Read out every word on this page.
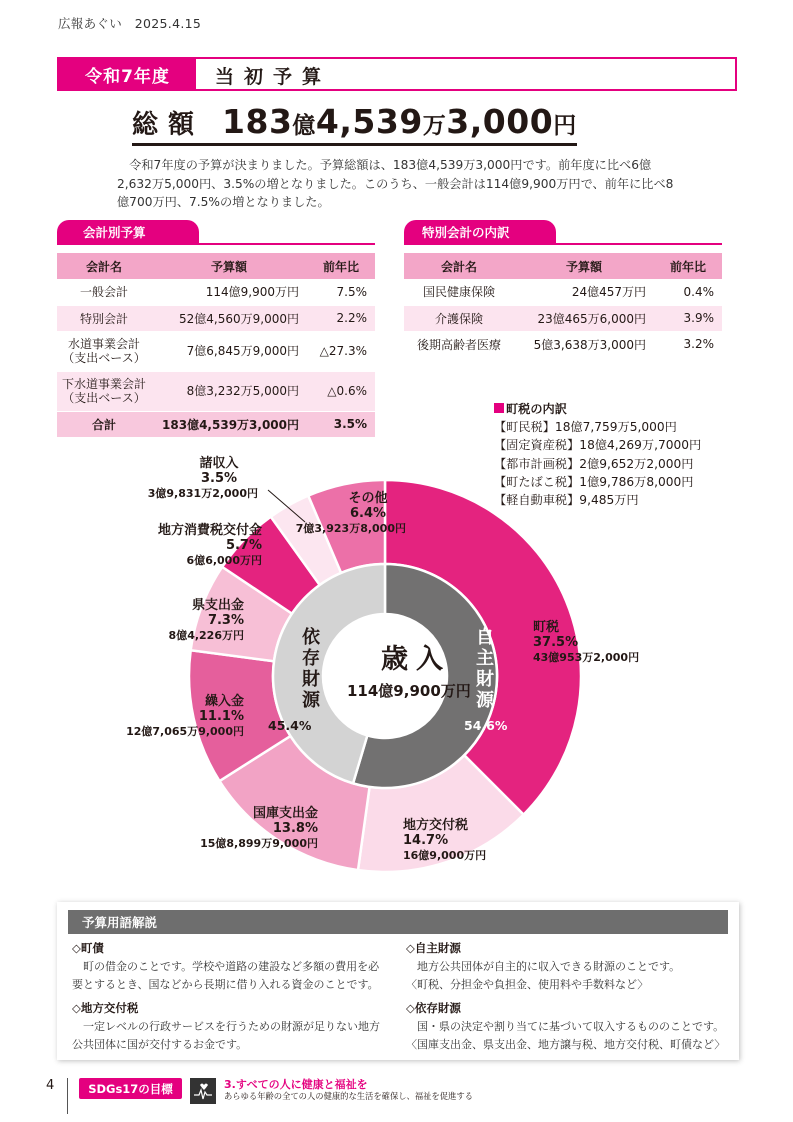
広報あぐい　2025.4.15
令和7年度	当初予算
総額 183億4,539万3,000円

令和7年度の予算が決まりました。予算総額は、183億4,539万3,000円です。前年度に比べ6億2,632万5,000円、3.5%の増となりました。このうち、一般会計は114億9,900万円で、前年に比べ8億700万円、7.5%の増となりました。

会計別予算
会計名	予算額	前年比
一般会計	114億9,900万円	7.5%
特別会計	52億4,560万9,000円	2.2%
水道事業会計
（支出ベース）	7億6,845万9,000円	△27.3%
下水道事業会計
（支出ベース）	8億3,232万5,000円	△0.6%
合計	183億4,539万3,000円	3.5%
特別会計の内訳
会計名	予算額	前年比
国民健康保険	24億457万円	0.4%
介護保険	23億465万6,000円	3.9%
後期高齢者医療	5億3,638万3,000円	3.2%
町税の内訳
【町民税】18億7,759万5,000円
【固定資産税】18億4,269万,7000円
【都市計画税】2億9,652万2,000円
【町たばこ税】1億9,786万8,000円
【軽自動車税】9,485万円
歳入
114億9,900万円
自主財源
54.6%
依存財源
45.4%
町税
37.5%
43億953万2,000円
地方交付税
14.7%
16億9,000万円
国庫支出金
13.8%
15億8,899万9,000円
繰入金
11.1%
12億7,065万9,000円
県支出金
7.3%
8億4,226万円
地方消費税交付金
5.7%
6億6,000万円
諸収入
3.5%
3億9,831万2,000円	その他
6.4%
7億3,923万8,000円
予算用語解説
◇町債

町の借金のことです。学校や道路の建設など多額の費用を必要とするとき、国などから長期に借り入れる資金のことです。

◇地方交付税

一定レベルの行政サービスを行うための財源が足りない地方公共団体に国が交付するお金です。

◇自主財源

地方公共団体が自主的に収入できる財源のことです。

〈町税、分担金や負担金、使用料や手数料など〉
◇依存財源

国・県の決定や割り当てに基づいて収入するもののことです。

〈国庫支出金、県支出金、地方譲与税、地方交付税、町債など〉
4	SDGs17の目標	3.すべての人に健康と福祉を
あらゆる年齢の全ての人の健康的な生活を確保し、福祉を促進する
